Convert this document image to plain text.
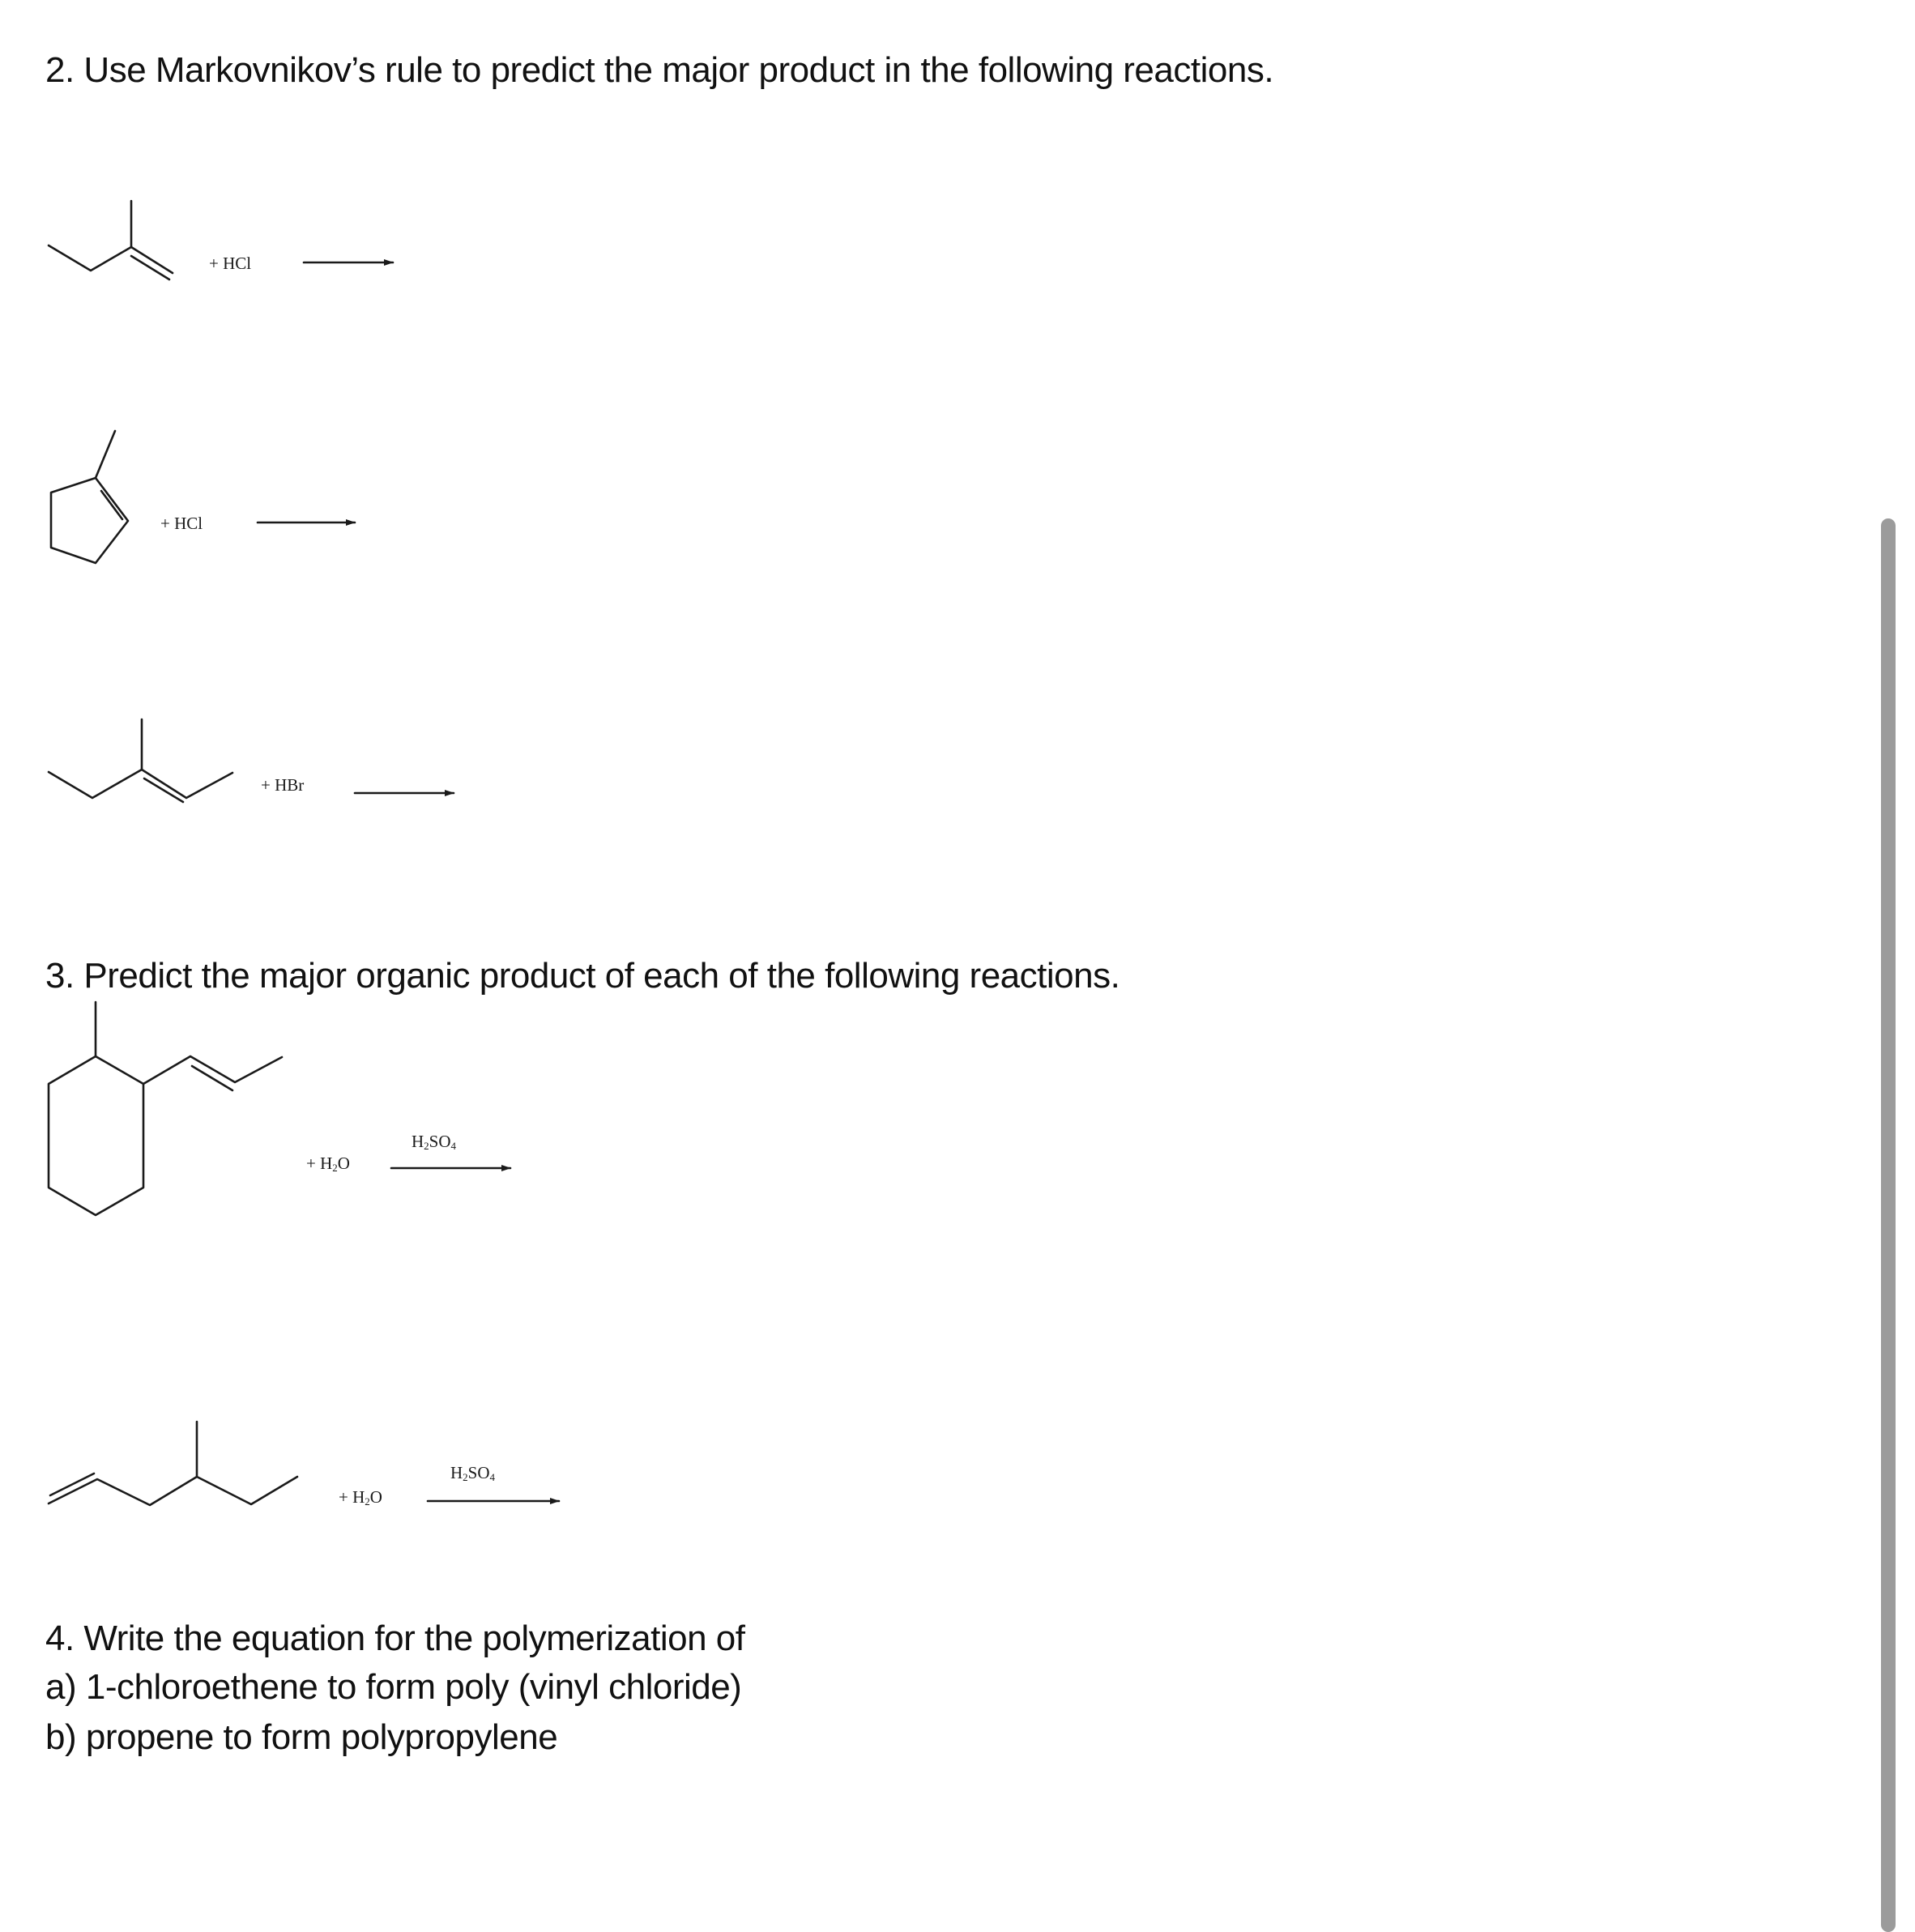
2. Use Markovnikov’s rule to predict the major product in the following reactions.

3. Predict the major organic product of each of the following reactions.

4. Write the equation for the polymerization of

a) 1-chloroethene to form poly (vinyl chloride)

b) propene to form polypropylene

+ HCl
+ HCl
+ HBr
+ $H_2O$
$H_2SO_4$
+ $H_2O$
$H_2SO_4$
